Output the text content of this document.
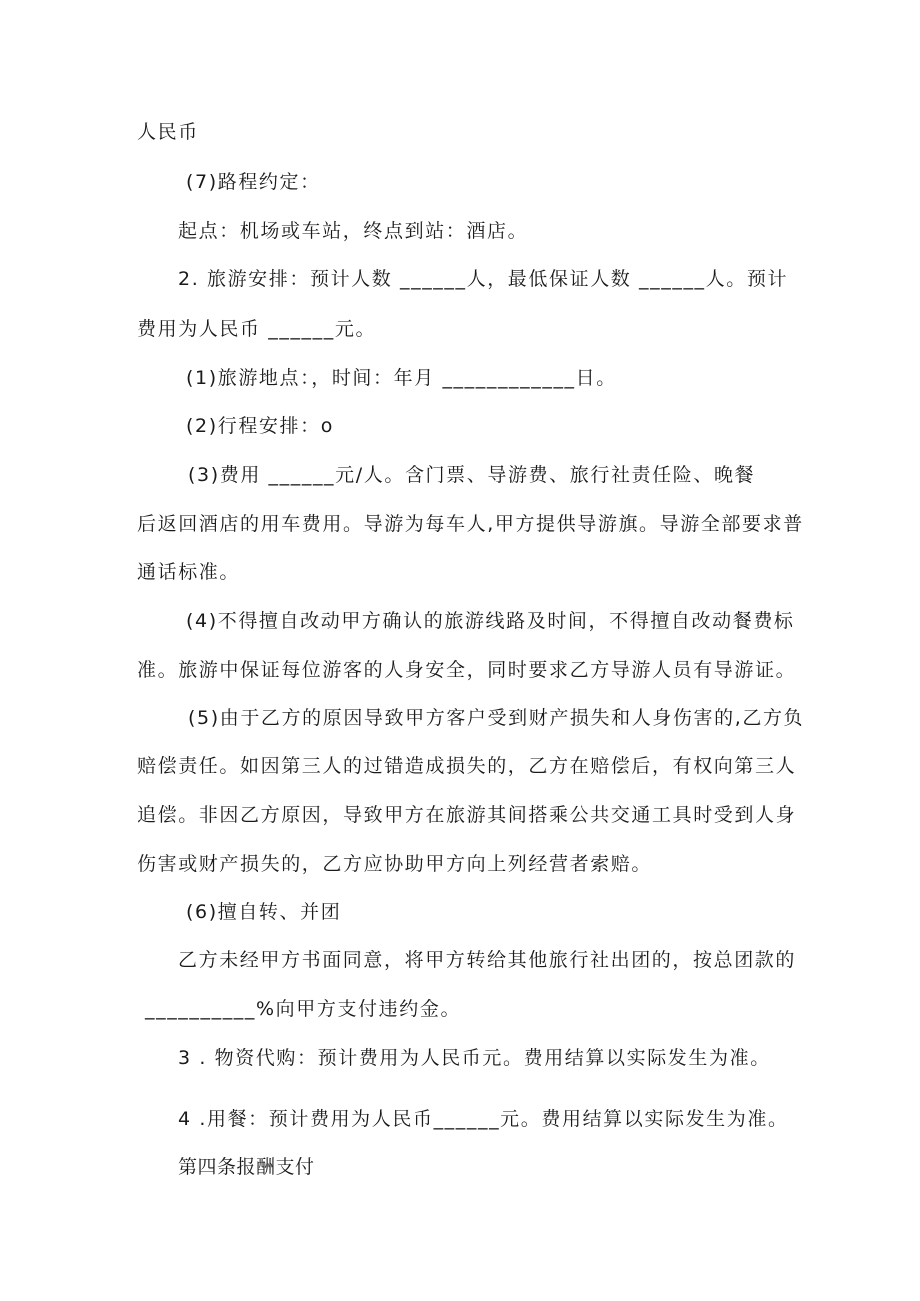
人民币
(7)路程约定：
起点：机场或车站，终点到站：酒店。
2. 旅游安排：预计人数 ______人，最低保证人数 ______人。预计
费用为人民币 ______元。
(1)旅游地点：，时间：年月 ____________日。
(2)行程安排：o
(3)费用 ______元/人。含门票、导游费、旅行社责任险、晚餐
后返回酒店的用车费用。导游为每车人,甲方提供导游旗。导游全部要求普
通话标准。
(4)不得擅自改动甲方确认的旅游线路及时间，不得擅自改动餐费标
准。旅游中保证每位游客的人身安全，同时要求乙方导游人员有导游证。
(5)由于乙方的原因导致甲方客户受到财产损失和人身伤害的,乙方负
赔偿责任。如因第三人的过错造成损失的，乙方在赔偿后，有权向第三人
追偿。非因乙方原因，导致甲方在旅游其间搭乘公共交通工具时受到人身
伤害或财产损失的，乙方应协助甲方向上列经营者索赔。
(6)擅自转、并团
乙方未经甲方书面同意，将甲方转给其他旅行社出团的，按总团款的
__________%向甲方支付违约金。
3 . 物资代购：预计费用为人民币元。费用结算以实际发生为准。
4 .用餐：预计费用为人民币______元。费用结算以实际发生为准。
第四条报酬支付
